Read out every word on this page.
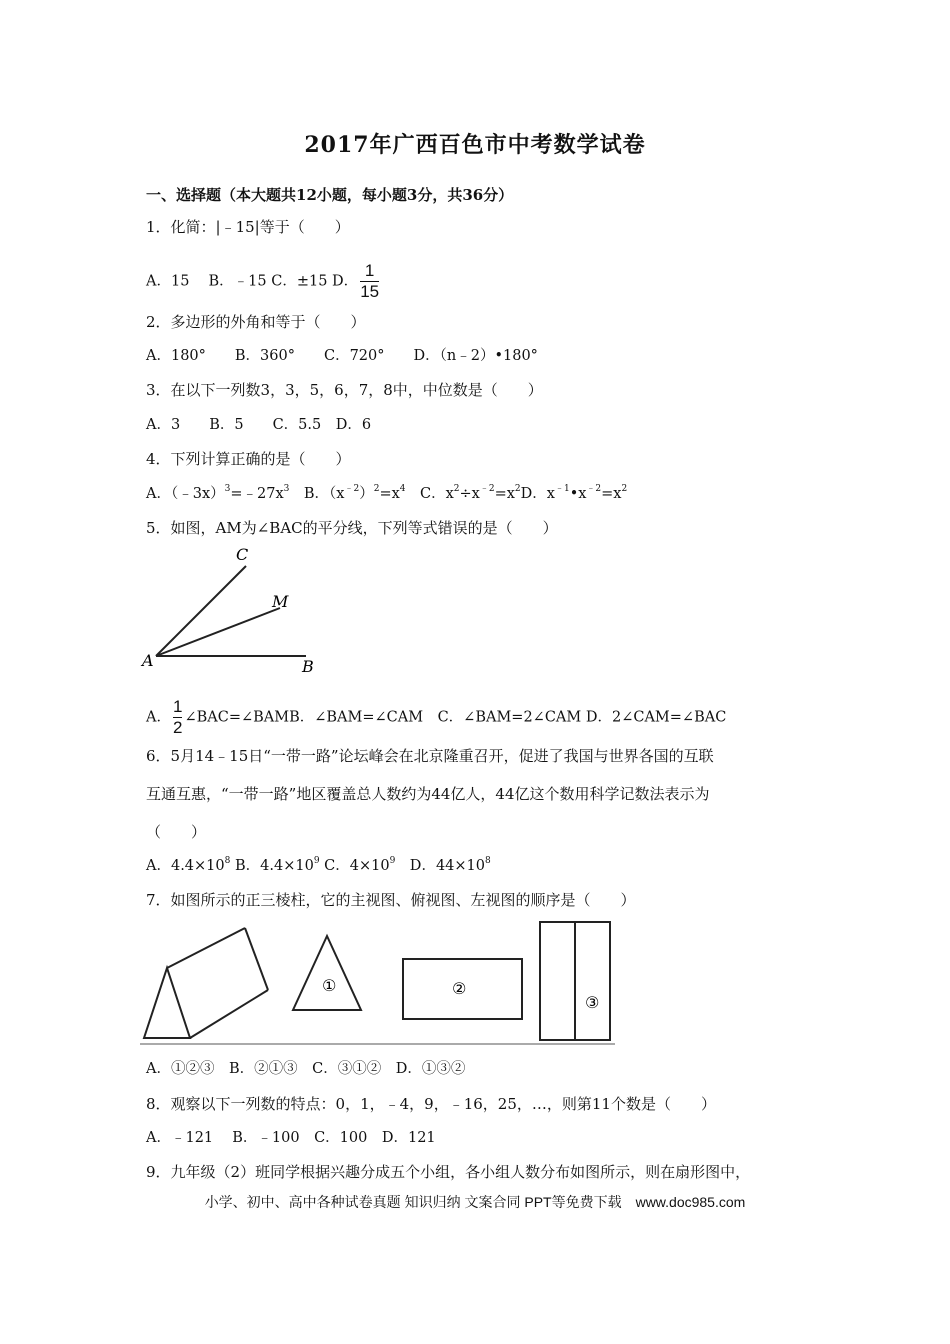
2017年广西百色市中考数学试卷
一、选择题（本大题共12小题，每小题3分，共36分）
1．化简：|﹣15|等于（　　）
A．15　 B．﹣15 C．±15 D． $\frac{1}{15}$
2．多边形的外角和等于（　　）
A．180°　　B．360°　　C．720°　　D．（n﹣2）•180°
3．在以下一列数3，3，5，6，7，8中，中位数是（　　）
A．3　　B．5　　C．5.5　D．6
4．下列计算正确的是（　　）
A．$(﹣3x)^3=﹣27x^3$　B．$(x^{﹣2})^2=x^4$　C．$x^2\div x^{﹣2}=x^2D$．$x^{﹣1}•x^{﹣2}=x^2$
5．如图，AM为∠BAC的平分线，下列等式错误的是（　　）
C
M
A	B
A． $\frac{1}{2}$ ∠BAC=∠BAMB．∠BAM=∠CAM　C．∠BAM=2∠CAM D．2∠CAM=∠BAC
6．5月14﹣15日“一带一路”论坛峰会在北京隆重召开，促进了我国与世界各国的互联
互通互惠，“一带一路”地区覆盖总人数约为44亿人，44亿这个数用科学记数法表示为
（　　）
A．$4.4\times 10^8$ B．$4.4\times 10^9$ C．$4\times 10^9$　D．$44\times 10^8$
7．如图所示的正三棱柱，它的主视图、俯视图、左视图的顺序是（　　）
①	②
③
A．①②③　B．②①③　C．③①②　D．①③②
8．观察以下一列数的特点：0，1，﹣4，9，﹣16，25，…，则第11个数是（　　）
A．﹣121　 B．﹣100　C．100　D．121
9．九年级（2）班同学根据兴趣分成五个小组，各小组人数分布如图所示，则在扇形图中，
小学、初中、高中各种试卷真题 知识归纳 文案合同 PPT等免费下载　www.doc985.com
